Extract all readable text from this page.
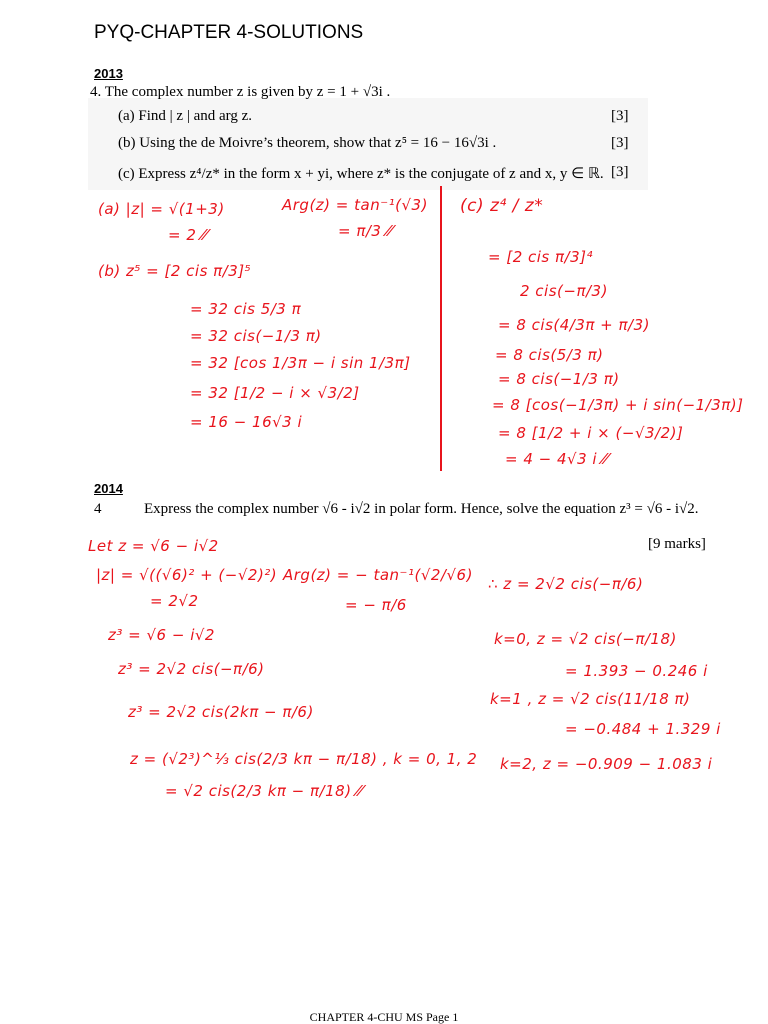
PYQ-CHAPTER 4-SOLUTIONS
2013
4. The complex number z is given by z = 1 + √3i .
(a) Find | z | and arg z.
(b) Using the de Moivre’s theorem, show that z⁵ = 16 − 16√3i .
(c) Express z⁴/z* in the form x + yi, where z* is the conjugate of z and x, y ∈ ℝ.
[3]
[3]
[3]
(a) |z| = √(1+3)
= 2 ⁄⁄
Arg(z) = tan⁻¹(√3)
= π/3 ⁄⁄
(b) z⁵ = [2 cis π/3]⁵
= 32 cis 5/3 π
= 32 cis(−1/3 π)
= 32 [cos 1/3π − i sin 1/3π]
= 32 [1/2 − i × √3/2]
= 16 − 16√3 i
(c) z⁴ / z*
= [2 cis π/3]⁴
2 cis(−π/3)
= 8 cis(4/3π + π/3)
= 8 cis(5/3 π)
= 8 cis(−1/3 π)
= 8 [cos(−1/3π) + i sin(−1/3π)]
= 8 [1/2 + i × (−√3/2)]
= 4 − 4√3 i ⁄⁄
2014
4	Express the complex number √6 - i√2 in polar form. Hence, solve the equation z³ = √6 - i√2.
[9 marks]
Let z = √6 − i√2
|z| = √((√6)² + (−√2)²)
= 2√2
Arg(z) = − tan⁻¹(√2/√6)
= − π/6
∴ z = 2√2 cis(−π/6)
z³ = √6 − i√2
z³ = 2√2 cis(−π/6)
z³ = 2√2 cis(2kπ − π/6)
z = (√2³)^⅓ cis(2/3 kπ − π/18) , k = 0, 1, 2
= √2 cis(2/3 kπ − π/18) ⁄⁄
k=0, z = √2 cis(−π/18)
= 1.393 − 0.246 i
k=1 , z = √2 cis(11/18 π)
= −0.484 + 1.329 i
k=2, z = −0.909 − 1.083 i
CHAPTER 4-CHU MS Page 1
